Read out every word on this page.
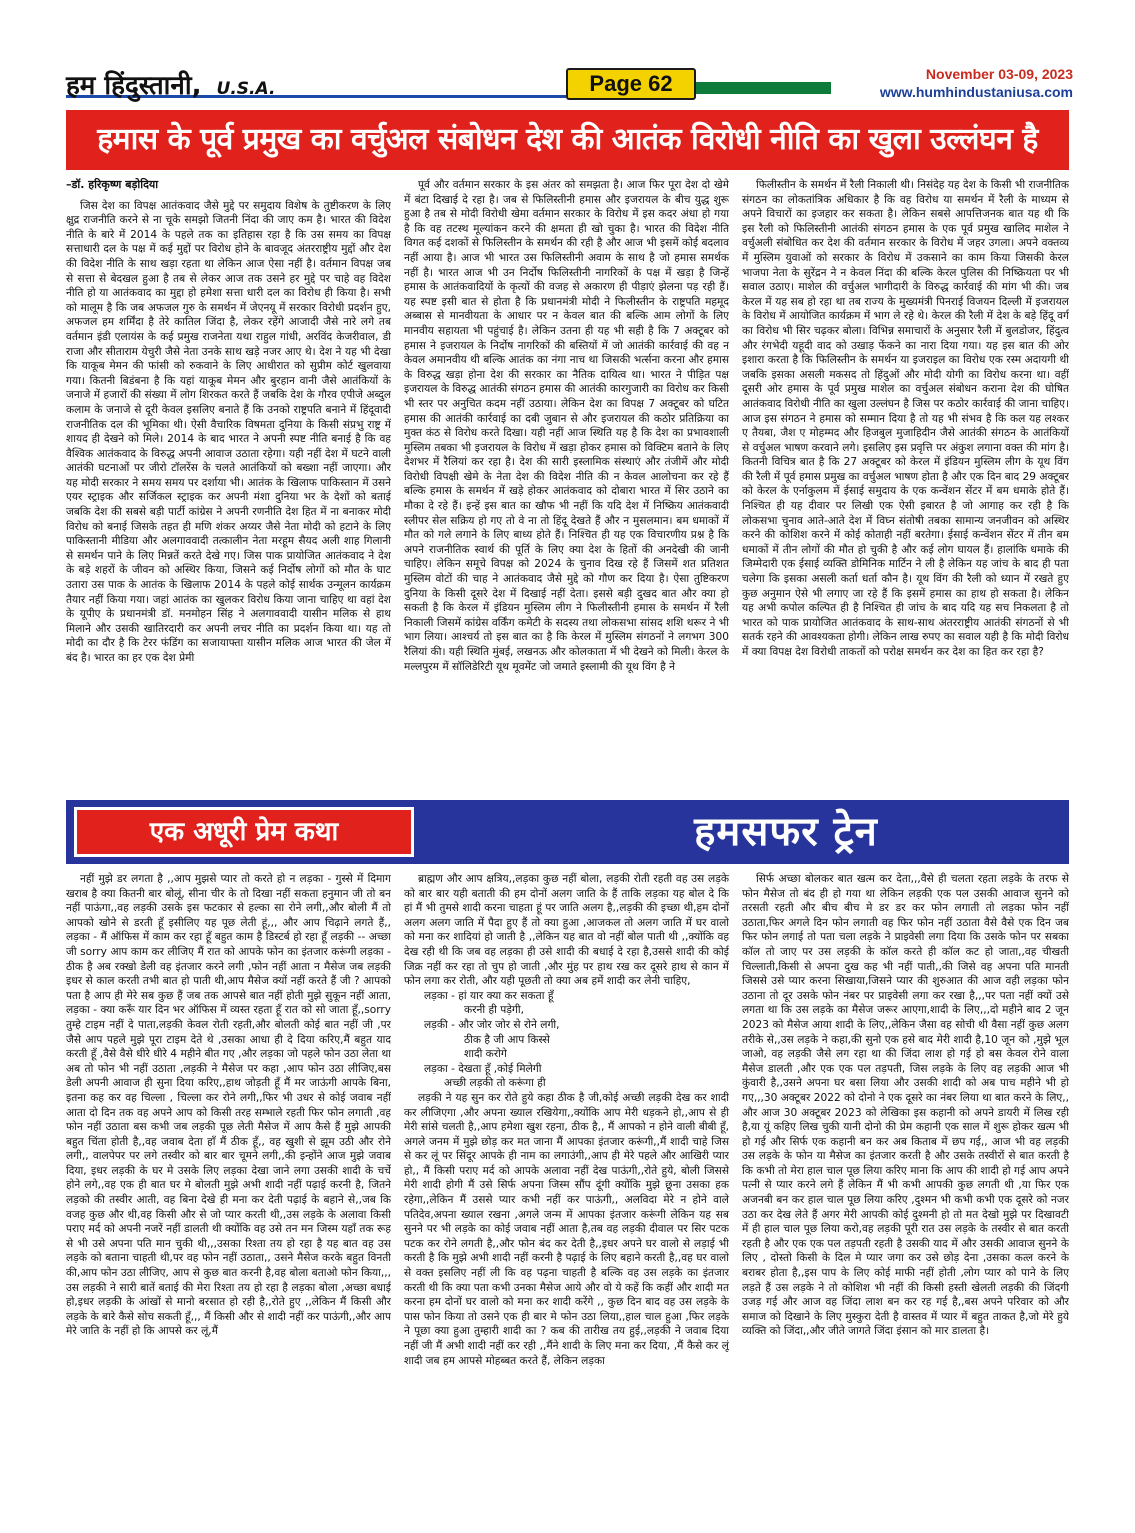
हम हिंदुस्तानी, U.S.A.	Page 62	November 03-09, 2023
www.humhindustaniusa.com
हमास के पूर्व प्रमुख का वर्चुअल संबोधन देश की आतंक विरोधी नीति का खुला उल्लंघन है
–डॉ. हरिकृष्ण बड़ोदिया

जिस देश का विपक्ष आतंकवाद जैसे मुद्दे पर समुदाय विशेष के तुष्टीकरण के लिए क्षुद्र राजनीति करने से ना चूके समझो जितनी निंदा की जाए कम है। भारत की विदेश नीति के बारे में 2014 के पहले तक का इतिहास रहा है कि उस समय का विपक्ष सत्ताधारी दल के पक्ष में कई मुद्दों पर विरोध होने के बावजूद अंतरराष्ट्रीय मुद्दों और देश की विदेश नीति के साथ खड़ा रहता था लेकिन आज ऐसा नहीं है। वर्तमान विपक्ष जब से सत्ता से बेदखल हुआ है तब से लेकर आज तक उसने हर मुद्दे पर चाहे वह विदेश नीति हो या आतंकवाद का मुद्दा हो हमेशा सत्ता धारी दल का विरोध ही किया है। सभी को मालूम है कि जब अफजल गुरु के समर्थन में जेएनयू में सरकार विरोधी प्रदर्शन हुए, अफजल हम शर्मिंदा है तेरे कातिल जिंदा है, लेकर रहेंगे आजादी जैसे नारे लगे तब वर्तमान इंडी एलायंस के कई प्रमुख राजनेता यथा राहुल गांधी, अरविंद केजरीवाल, डी राजा और सीताराम येचुरी जैसे नेता उनके साथ खड़े नजर आए थे। देश ने यह भी देखा कि याकूब मेमन की फांसी को रुकवाने के लिए आधीरात को सुप्रीम कोर्ट खुलवाया गया। कितनी बिडंबना है कि यहां याकूब मेमन और बुरहान वानी जैसे आतंकियों के जनाजे में हजारों की संख्या में लोग शिरकत करते हैं जबकि देश के गौरव एपीजे अब्दुल कलाम के जनाजे से दूरी केवल इसलिए बनाते हैं कि उनको राष्ट्रपति बनाने में हिंदूवादी राजनीतिक दल की भूमिका थी। ऐसी वैचारिक विषमता दुनिया के किसी संप्रभु राष्ट्र में शायद ही देखने को मिले। 2014 के बाद भारत ने अपनी स्पष्ट नीति बनाई है कि वह वैश्विक आतंकवाद के विरुद्ध अपनी आवाज उठाता रहेगा। यही नहीं देश में घटने वाली आतंकी घटनाओं पर जीरो टॉलरेंस के चलते आतंकियों को बख्शा नहीं जाएगा। और यह मोदी सरकार ने समय समय पर दर्शाया भी। आतंक के खिलाफ पाकिस्तान में उसने एयर स्ट्राइक और सर्जिकल स्ट्राइक कर अपनी मंशा दुनिया भर के देशों को बताई जबकि देश की सबसे बड़ी पार्टी कांग्रेस ने अपनी रणनीति देश हित में ना बनाकर मोदी विरोध को बनाई जिसके तहत ही मणि शंकर अय्यर जैसे नेता मोदी को हटाने के लिए पाकिस्तानी मीडिया और अलगाववादी तत्कालीन नेता मरहूम सैयद अली शाह गिलानी से समर्थन पाने के लिए मिन्नतें करते देखे गए। जिस पाक प्रायोजित आतंकवाद ने देश के बड़े शहरों के जीवन को अस्थिर किया, जिसने कई निर्दोष लोगों को मौत के घाट उतारा उस पाक के आतंक के खिलाफ 2014 के पहले कोई सार्थक उन्मूलन कार्यक्रम तैयार नहीं किया गया। जहां आतंक का खुलकर विरोध किया जाना चाहिए था वहां देश के यूपीए के प्रधानमंत्री डॉ. मनमोहन सिंह ने अलगाववादी यासीन मलिक से हाथ मिलाने और उसकी खातिरदारी कर अपनी लचर नीति का प्रदर्शन किया था। यह तो मोदी का दौर है कि टेरर फंडिंग का सजायाफ्ता यासीन मलिक आज भारत की जेल में बंद है। भारत का हर एक देश प्रेमी

पूर्व और वर्तमान सरकार के इस अंतर को समझता है। आज फिर पूरा देश दो खेमे में बंटा दिखाई दे रहा है। जब से फिलिस्तीनी हमास और इजरायल के बीच युद्ध शुरू हुआ है तब से मोदी विरोधी खेमा वर्तमान सरकार के विरोध में इस कदर अंधा हो गया है कि वह तटस्थ मूल्यांकन करने की क्षमता ही खो चुका है। भारत की विदेश नीति विगत कई दशकों से फिलिस्तीन के समर्थन की रही है और आज भी इसमें कोई बदलाव नहीं आया है। आज भी भारत उस फिलिस्तीनी अवाम के साथ है जो हमास समर्थक नहीं है। भारत आज भी उन निर्दोष फिलिस्तीनी नागरिकों के पक्ष में खड़ा है जिन्हें हमास के आतंकवादियों के कृत्यों की वजह से अकारण ही पीड़ाएं झेलना पड़ रही हैं। यह स्पष्ट इसी बात से होता है कि प्रधानमंत्री मोदी ने फिलीस्तीन के राष्ट्रपति महमूद अब्बास से मानवीयता के आधार पर न केवल बात की बल्कि आम लोगों के लिए मानवीय सहायता भी पहुंचाई है। लेकिन उतना ही यह भी सही है कि 7 अक्टूबर को हमास ने इजरायल के निर्दोष नागरिकों की बस्तियों में जो आतंकी कार्रवाई की वह न केवल अमानवीय थी बल्कि आतंक का नंगा नाच था जिसकी भर्त्सना करना और हमास के विरुद्ध खड़ा होना देश की सरकार का नैतिक दायित्व था। भारत ने पीड़ित पक्ष इजरायल के विरुद्ध आतंकी संगठन हमास की आतंकी कारगुजारी का विरोध कर किसी भी स्तर पर अनुचित कदम नहीं उठाया। लेकिन देश का विपक्ष 7 अक्टूबर को घटित हमास की आतंकी कार्रवाई का दबी जुबान से और इजरायल की कठोर प्रतिक्रिया का मुक्त कंठ से विरोध करते दिखा। यही नहीं आज स्थिति यह है कि देश का प्रभावशाली मुस्लिम तबका भी इजरायल के विरोध में खड़ा होकर हमास को विक्टिम बताने के लिए देशभर में रैलियां कर रहा है। देश की सारी इस्लामिक संस्थाएं और तंजीमें और मोदी विरोधी विपक्षी खेमे के नेता देश की विदेश नीति की न केवल आलोचना कर रहे हैं बल्कि हमास के समर्थन में खड़े होकर आतंकवाद को दोबारा भारत में सिर उठाने का मौका दे रहे हैं। इन्हें इस बात का खौफ भी नहीं कि यदि देश में निष्क्रिय आतंकवादी स्लीपर सेल सक्रिय हो गए तो वे ना तो हिंदू देखते हैं और न मुसलमान। बम धमाकों में मौत को गले लगाने के लिए बाध्य होते हैं। निश्चित ही यह एक विचारणीय प्रश्न है कि अपने राजनीतिक स्वार्थ की पूर्ति के लिए क्या देश के हितों की अनदेखी की जानी चाहिए। लेकिन समूचे विपक्ष को 2024 के चुनाव दिख रहे हैं जिसमें शत प्रतिशत मुस्लिम वोटों की चाह ने आतंकवाद जैसे मुद्दे को गौण कर दिया है। ऐसा तुष्टिकरण दुनिया के किसी दूसरे देश में दिखाई नहीं देता। इससे बड़ी दुखद बात और क्या हो सकती है कि केरल में इंडियन मुस्लिम लीग ने फिलीस्तीनी हमास के समर्थन में रैली निकाली जिसमें कांग्रेस वर्किंग कमेटी के सदस्य तथा लोकसभा सांसद शशि थरूर ने भी भाग लिया। आश्चर्य तो इस बात का है कि केरल में मुस्लिम संगठनों ने लगभग 300 रैलियां की। यही स्थिति मुंबई, लखनऊ और कोलकाता में भी देखने को मिली। केरल के मल्लपुरम में सॉलिडेरिटी यूथ मूवमेंट जो जमाते इस्लामी की यूथ विंग है ने

फिलीस्तीन के समर्थन में रैली निकाली थी। निसंदेह यह देश के किसी भी राजनीतिक संगठन का लोकतांत्रिक अधिकार है कि वह विरोध या समर्थन में रैली के माध्यम से अपने विचारों का इजहार कर सकता है। लेकिन सबसे आपत्तिजनक बात यह थी कि इस रैली को फिलिस्तीनी आतंकी संगठन हमास के एक पूर्व प्रमुख खालिद माशेल ने वर्चुअली संबोधित कर देश की वर्तमान सरकार के विरोध में जहर उगला। अपने वक्तव्य में मुस्लिम युवाओं को सरकार के विरोध में उकसाने का काम किया जिसकी केरल भाजपा नेता के सुरेंद्रन ने न केवल निंदा की बल्कि केरल पुलिस की निष्क्रियता पर भी सवाल उठाए। माशेल की वर्चुअल भागीदारी के विरुद्ध कार्रवाई की मांग भी की। जब केरल में यह सब हो रहा था तब राज्य के मुख्यमंत्री पिनराई विजयन दिल्ली में इजरायल के विरोध में आयोजित कार्यक्रम में भाग ले रहे थे। केरल की रैली में देश के बड़े हिंदू वर्ग का विरोध भी सिर चढ़कर बोला। विभिन्न समाचारों के अनुसार रैली में बुलडोजर, हिंदुत्व और रंगभेदी यहूदी वाद को उखाड़ फेंकने का नारा दिया गया। यह इस बात की ओर इशारा करता है कि फिलिस्तीन के समर्थन या इजराइल का विरोध एक रस्म अदायगी थी जबकि इसका असली मकसद तो हिंदुओं और मोदी योगी का विरोध करना था। वहीं दूसरी ओर हमास के पूर्व प्रमुख माशेल का वर्चुअल संबोधन कराना देश की घोषित आतंकवाद विरोधी नीति का खुला उल्लंघन है जिस पर कठोर कार्रवाई की जाना चाहिए। आज इस संगठन ने हमास को सम्मान दिया है तो यह भी संभव है कि कल यह लश्कर ए तैयबा, जैश ए मोहम्मद और हिजबुल मुजाहिदीन जैसे आतंकी संगठन के आतंकियों से वर्चुअल भाषण करवाने लगे। इसलिए इस प्रवृत्ति पर अंकुश लगाना वक्त की मांग है। कितनी विचित्र बात है कि 27 अक्टूबर को केरल में इंडियन मुस्लिम लीग के यूथ विंग की रैली में पूर्व हमास प्रमुख का वर्चुअल भाषण होता है और एक दिन बाद 29 अक्टूबर को केरल के एर्नाकुलम में ईसाई समुदाय के एक कन्वेंशन सेंटर में बम धमाके होते हैं। निश्चित ही यह दीवार पर लिखी एक ऐसी इबारत है जो आगाह कर रही है कि लोकसभा चुनाव आते-आते देश में विघ्न संतोषी तबका सामान्य जनजीवन को अस्थिर करने की कोशिश करने में कोई कोताही नहीं बरतेगा। ईसाई कन्वेंशन सेंटर में तीन बम धमाकों में तीन लोगों की मौत हो चुकी है और कई लोग घायल हैं। हालांकि धमाके की जिम्मेदारी एक ईसाई व्यक्ति डोमिनिक मार्टिन ने ली है लेकिन यह जांच के बाद ही पता चलेगा कि इसका असली कर्ता धर्ता कौन है। यूथ विंग की रैली को ध्यान में रखते हुए कुछ अनुमान ऐसे भी लगाए जा रहे हैं कि इसमें हमास का हाथ हो सकता है। लेकिन यह अभी कपोल कल्पित ही है निश्चित ही जांच के बाद यदि यह सच निकलता है तो भारत को पाक प्रायोजित आतंकवाद के साथ-साथ अंतरराष्ट्रीय आतंकी संगठनों से भी सतर्क रहने की आवश्यकता होगी। लेकिन लाख रुपए का सवाल यही है कि मोदी विरोध में क्या विपक्ष देश विरोधी ताकतों को परोक्ष समर्थन कर देश का हित कर रहा है?

एक अधूरी प्रेम कथा	हमसफर ट्रेन

नहीं मुझे डर लगता है ,,आप मुझसे प्यार तो करते हो न लड़का - गुस्से में दिमाग खराब है क्या कितनी बार बोलूं, सीना चीर के तो दिखा नहीं सकता हनुमान जी तो बन नहीं पाऊंगा,,वह लड़की उसके इस फटकार से हल्का सा रोने लगी,,और बोली मैं तो आपको खोने से डरती हूँ इसीलिए यह पूछ लेती हूं,,, और आप चिढ़ाने लगते हैं,, लड़का - मैं ऑफिस में काम कर रहा हूँ बहुत काम है डिस्टर्ब हो रहा हूँ लड़की -- अच्छा जी sorry आप काम कर लीजिए मैं रात को आपके फोन का इंतजार करूंगी लड़का - ठीक है अब रक्खो डेली वह इंतजार करने लगी ,फोन नहीं आता न मैसेज जब लड़की इधर से काल करती तभी बात हो पाती थी,आप मैसेज क्यों नहीं करते हैं जी ? आपको पता है आप ही मेरे सब कुछ हैं जब तक आपसे बात नहीं होती मुझे सुकून नहीं आता, लड़का - क्या करूँ यार दिन भर ऑफिस में व्यस्त रहता हूँ रात को सो जाता हूँ,,sorry तुम्हे टाइम नहीं दे पाता,लड़की केवल रोती रहती,और बोलती कोई बात नहीं जी ,पर जैसे आप पहले मुझे पूरा टाइम देते थे ,उसका आधा ही दे दिया करिए,मैं बहुत याद करती हूँ ,वैसे वैसे धीरे धीरे 4 महीने बीत गए ,और लड़का जो पहले फोन उठा लेता था अब तो फोन भी नहीं उठाता ,लड़की ने मैसेज पर कहा ,आप फोन उठा लीजिए,बस डेली अपनी आवाज ही सुना दिया करिए,,हाथ जोड़ती हूँ मैं मर जाऊंगी आपके बिना, इतना कह कर वह चिल्ला , चिल्ला कर रोने लगी,,फिर भी उधर से कोई जवाब नहीं आता दो दिन तक वह अपने आप को किसी तरह सम्भाले रहती फिर फोन लगाती ,वह फोन नहीं उठाता बस कभी जब लड़की पूछ लेती मैसेज में आप कैसे हैं मुझे आपकी बहुत चिंता होती है,,वह जवाब देता हाँ मैं ठीक हूँ,, वह खुशी से झूम उठी और रोने लगी,, वालपेपर पर लगे तस्वीर को बार बार चूमने लगी,,की इन्होंने आज मुझे जवाब दिया, इधर लड़की के घर मे उसके लिए लड़का देखा जाने लगा उसकी शादी के चर्चे होने लगे,,वह एक ही बात घर मे बोलती मुझे अभी शादी नहीं पढ़ाई करनी है, जितने लड़को की तस्वीर आती, वह बिना देखे ही मना कर देती पढ़ाई के बहाने से,,जब कि वजह कुछ और थी,वह किसी और से जो प्यार करती थी,,उस लड़के के अलावा किसी पराए मर्द को अपनी नजरें नहीं डालती थी क्योंकि वह उसे तन मन जिस्म यहाँ तक रूह से भी उसे अपना पति मान चुकी थी,,,उसका रिश्ता तय हो रहा है यह बात वह उस लड़के को बताना चाहती थी,पर वह फोन नहीं उठाता,, उसने मैसेज करके बहुत विनती की,आप फोन उठा लीजिए, आप से कुछ बात करनी है,वह बोला बताओ फोन किया,,, उस लड़की ने सारी बातें बताई की मेरा रिश्ता तय हो रहा है लड़का बोला ,अच्छा बधाई हो,इधर लड़की के आंखों से मानो बरसात हो रही है,,रोते हुए ,,लेकिन मैं किसी और लड़के के बारे कैसे सोच सकती हूँ,,, मैं किसी और से शादी नहीं कर पाऊंगी,,और आप मेरे जाति के नहीं हो कि आपसे कर लूं,मैं

ब्राह्मण और आप क्षत्रिय,,लड़का कुछ नहीं बोला, लड़की रोती रहती वह उस लड़के को बार बार यही बताती की हम दोनों अलग जाति के हैं ताकि लड़का यह बोल दे कि हां मैं भी तुमसे शादी करना चाहता हूं पर जाति अलग है,,लड़की की इच्छा थी,हम दोनों अलग अलग जाति में पैदा हुए हैं तो क्या हुआ ,आजकल तो अलग जाति में घर वालो को मना कर शादियां हो जाती है ,,लेकिन यह बात वो नहीं बोल पाती थी ,,क्योंकि वह देख रही थी कि जब वह लड़का ही उसे शादी की बधाई दे रहा है,उससे शादी की कोई जिक्र नहीं कर रहा तो चुप हो जाती ,और मुंह पर हाथ रख कर दूसरे हाथ से कान में फोन लगा कर रोती, और यही पूछती तो क्या अब हमें शादी कर लेनी चाहिए,

लड़का - हां यार क्या कर सकता हूँ

करनी ही पड़ेगी,

लड़की - और जोर जोर से रोने लगी,

ठीक है जी आप किस्से

शादी करोगे

लड़का - देखता हूँ ,कोई मिलेगी

अच्छी लड़की तो करूंगा ही

लड़की ने यह सुन कर रोते हुये कहा ठीक है जी,कोई अच्छी लड़की देख कर शादी कर लीजिएगा ,और अपना ख्याल रखियेगा,,क्योंकि आप मेरी धड़कने हो,,आप से ही मेरी सांसे चलती है,,आप हमेशा खुश रहना, ठीक है,, मैं आपको न होने वाली बीबी हूँ, अगले जनम में मुझे छोड़ कर मत जाना मैं आपका इंतजार करूंगी,,मैं शादी चाहे जिस से कर लूं पर सिंदूर आपके ही नाम का लगाउंगी,,आप ही मेरे पहले और आखिरी प्यार हो,, मैं किसी पराए मर्द को आपके अलावा नहीं देख पाऊंगी,,रोते हुये, बोली जिससे मेरी शादी होगी मैं उसे सिर्फ अपना जिस्म सौंप दूंगी क्योंकि मुझे छूना उसका हक रहेगा,,लेकिन मैं उससे प्यार कभी नहीं कर पाऊंगी,, अलविदा मेरे न होने वाले पतिदेव,अपना ख्याल रखना ,अगले जन्म में आपका इंतजार करूंगी लेकिन यह सब सुनने पर भी लड़के का कोई जवाब नहीं आता है,तब वह लड़की दीवाल पर सिर पटक पटक कर रोने लगती है,,और फोन बंद कर देती है,,इधर अपने घर वालो से लड़ाई भी करती है कि मुझे अभी शादी नहीं करनी है पढ़ाई के लिए बहाने करती है,,वह घर वालो से वक्त इसलिए नहीं ली कि वह पढ़ना चाहती है बल्कि वह उस लड़के का इंतजार करती थी कि क्या पता कभी उनका मैसेज आये और वो ये कहें कि कहीं और शादी मत करना हम दोनों घर वालो को मना कर शादी करेंगे ,, कुछ दिन बाद वह उस लड़के के पास फोन किया तो उसने एक ही बार मे फोन उठा लिया,,हाल चाल हुआ ,फिर लड़के ने पूछा क्या हुआ तुम्हारी शादी का ? कब की तारीख तय हुई,,लड़की ने जवाब दिया नहीं जी मैं अभी शादी नहीं कर रही ,,मैंने शादी के लिए मना कर दिया, ,मैं कैसे कर लूं शादी जब हम आपसे मोहब्बत करते हैं, लेकिन लड़का

सिर्फ अच्छा बोलकर बात खत्म कर देता,,,वैसे ही चलता रहता लड़के के तरफ से फोन मैसेज तो बंद ही हो गया था लेकिन लड़की एक पल उसकी आवाज सुनने को तरसती रहती और बीच बीच मे डर डर कर फोन लगाती तो लड़का फोन नहीं उठाता,फिर अगले दिन फोन लगाती वह फिर फोन नहीं उठाता वैसे वैसे एक दिन जब फिर फोन लगाई तो पता चला लड़के ने प्राइवेसी लगा दिया कि उसके फोन पर सबका कॉल तो जाए पर उस लड़की के कॉल करते ही कॉल कट हो जाता,,वह चीखती चिल्लाती,किसी से अपना दुख कह भी नहीं पाती,,की जिसे वह अपना पति मानती जिससे उसे प्यार करना सिखाया,जिसने प्यार की शुरुआत की आज वही लड़का फोन उठाना तो दूर उसके फोन नंबर पर प्राइवेसी लगा कर रखा है,,,पर पता नहीं क्यों उसे लगता था कि उस लड़के का मैसेज जरूर आएगा,शादी के लिए,,,दो महीने बाद 2 जून 2023 को मैसेज आया शादी के लिए,,लेकिन जैसा वह सोची थी वैसा नहीं कुछ अलग तरीके से,,उस लड़के ने कहा,की सुनो एक हसे बाद मेरी शादी है,10 जून को ,मुझे भूल जाओ, वह लड़की जैसे लग रहा था की जिंदा लाश हो गई हो बस केवल रोने वाला मैसेज डालती ,और एक एक पल तड़पती, जिस लड़के के लिए वह लड़की आज भी कुंवारी है,,उसने अपना घर बसा लिया और उसकी शादी को अब पाच महीने भी हो गए,,,30 अक्टूबर 2022 को दोनो ने एक दूसरे का नंबर लिया था बात करने के लिए,, और आज 30 अक्टूबर 2023 को लेखिका इस कहानी को अपने डायरी में लिख रही है,या यूं कहिए लिख चुकी यानी दोनो की प्रेम कहानी एक साल में शुरू होकर खत्म भी हो गई और सिर्फ एक कहानी बन कर अब किताब में छप गई,, आज भी वह लड़की उस लड़के के फोन या मैसेज का इंतजार करती है और उसके तस्वीरों से बात करती है कि कभी तो मेरा हाल चाल पूछ लिया करिए माना कि आप की शादी हो गई आप अपने पत्नी से प्यार करने लगे हैं लेकिन मैं भी कभी आपकी कुछ लगती थी ,या फिर एक अजनबी बन कर हाल चाल पूछ लिया करिए ,दुश्मन भी कभी कभी एक दूसरे को नजर उठा कर देख लेते हैं अगर मेरी आपकी कोई दुश्मनी हो तो मत देखो मुझे पर दिखावटी में ही हाल चाल पूछ लिया करो,वह लड़की पूरी रात उस लड़के के तस्वीर से बात करती रहती है और एक एक पल तड़पती रहती है उसकी याद में और उसकी आवाज सुनने के लिए , दोस्तो किसी के दिल मे प्यार जगा कर उसे छोड़ देना ,उसका कत्ल करने के बराबर होता है,,इस पाप के लिए कोई माफी नहीं होती ,लोग प्यार को पाने के लिए लड़ते हैं उस लड़के ने तो कोशिश भी नहीं की किसी हस्ती खेलती लड़की की जिंदगी उजड़ गई और आज वह जिंदा लाश बन कर रह गई है,,बस अपने परिवार को और समाज को दिखाने के लिए मुस्कुरा देती है वास्तव में प्यार में बहुत ताकत है,जो मेरे हुये व्यक्ति को जिंदा,,और जीते जागते जिंदा इंसान को मार डालता है।
